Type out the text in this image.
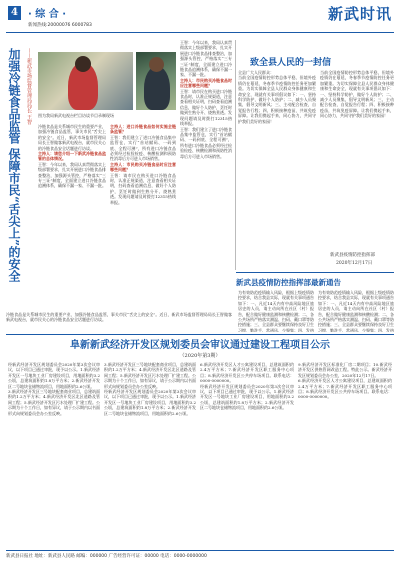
4	· 综 合 ·
新闻热线:20000076 6000783
新武时讯
加强冷链食品监管 保障市民“舌尖上”的安全	——新武市场监督管理局局长 王智 图为我局新武电视台栏目访谈节目录制现场

冷链食品是关系城市民生的重要产业，加强冷链食品监管，事关市民“舌尖上的安全”。近日，新武市场监督管理局局长王智做客新武电视台，就市民关心的冷链食品安全话题进行访谈。

主持人：请您介绍一下新武冷链食品监管的总体情况。

王智：今年以来，我局认真贯彻落实上级部署要求，扎实开展进口冷链食品排查整治，加强源头管控，严格落实“三专三证”制度，全面建立进口冷链食品追溯体系，确保不漏一家、不漏一批。

主持人：进口冷链食品如何实施全链条监管？

王智：我们建立了进口冷链食品集中监管仓，实行“首站赋码、一码到底、全程可溯”，所有进口冷链食品必须经过检验检疫、核酸检测和预防性消毒后方可进入市场销售。

主持人：市民购买冷链食品时应注意哪些问题？

王智：请市民在购买进口冷链食品时，认准正规渠道，注意查看相关证明，扫码查看追溯信息，做好个人防护，烹饪时做到生熟分开、烧熟煮透。发现问题请及时拨打12315热线举报。

王智：今年以来，我局认真贯彻落实上级部署要求，扎实开展进口冷链食品排查整治，加强源头管控，严格落实“三专三证”制度，全面建立进口冷链食品追溯体系，确保不漏一家、不漏一批。

主持人：市民购买冷链食品时应注意哪些问题？

王智：请市民在购买进口冷链食品时，认准正规渠道，注意查看相关证明，扫码查看追溯信息，做好个人防护，烹饪时做到生熟分开、烧熟煮透。发现问题请及时拨打12315热线举报。

王智：我们建立了进口冷链食品集中监管仓，实行“首站赋码、一码到底、全程可溯”，所有进口冷链食品必须经过检验检疫、核酸检测和预防性消毒后方可进入市场销售。

冷链食品是关系城市民生的重要产业，加强冷链食品监管，事关市民“舌尖上的安全”。近日，新武市场监督管理局局长王智做客新武电视台，就市民关心的冷链食品安全话题进行访谈。

致全县人民的一封信

全县广大人民群众：

当前全国疫情防控形势总体平稳，但境外疫情仍在蔓延，冬春季节疫情防控任务更加繁重。为切实保障全县人民群众身体健康和生命安全，现就有关事项倡议如下：一、坚持科学防护，做好个人防护；二、减少人员聚集，倡导文明新风；三、主动配合检查，自觉报告行程；四、积极接种疫苗，共筑免疫屏障。让我们携起手来，同心协力，共同守护我们美好的家园！

当前全国疫情防控形势总体平稳，但境外疫情仍在蔓延，冬春季节疫情防控任务更加繁重。为切实保障全县人民群众身体健康和生命安全，现就有关事项倡议如下：一、坚持科学防护，做好个人防护；二、减少人员聚集，倡导文明新风；三、主动配合检查，自觉报告行程；四、积极接种疫苗，共筑免疫屏障。让我们携起手来，同心协力，共同守护我们美好的家园！

新武县疫情防控指挥部
2020年12月17日
新武县疫情防控指挥部最新通告

为有效防范疫情输入风险，根据上级疫情防控要求，结合我县实际，现就有关事项通告如下：一、凡近14天内有中高风险地区旅居史的人员，请主动向所在社区（村）报告，配合做好健康监测和核酸检测；二、各公共场所严格落实测温、扫码、戴口罩等防控措施；三、全县群众要继续保持良好卫生习惯，勤洗手、常通风、少聚集；四、发热

为有效防范疫情输入风险，根据上级疫情防控要求，结合我县实际，现就有关事项通告如下：一、凡近14天内有中高风险地区旅居史的人员，请主动向所在社区（村）报告，配合做好健康监测和核酸检测；二、各公共场所严格落实测温、扫码、戴口罩等防控措施；三、全县群众要继续保持良好卫生习惯，勤洗手、常通风、少聚集；四、发热

阜新新武经济开发区规划委员会审议通过建设工程项目公示
（2020年第3期）

经新武经济开发区规划委员会2020年第3次会议审议，以下项目已通过审批，现予以公示。1.新武经济开发区一号地块工业厂房建设项目，用地面积约3.2公顷，总建筑面积约1.8万平方米；2.新武经济开发区二号地块仓储物流项目，用地面积约2.6公顷。

3.新武经济开发区三号地块配套商业项目，总建筑面积约1.2万平方米；4.新武经济开发区北区道路及管网工程；5.新武经济开发区污水处理厂扩建工程。公示期为十个工作日，如有异议，请于公示期内以书面形式向规划委员会办公室反映。

3.新武经济开发区三号地块配套商业项目，总建筑面积约1.2万平方米；4.新武经济开发区北区道路及管网工程；5.新武经济开发区污水处理厂扩建工程。公示期为十个工作日，如有异议，请于公示期内以书面形式向规划委员会办公室反映。

经新武经济开发区规划委员会2020年第3次会议审议，以下项目已通过审批，现予以公示。1.新武经济开发区一号地块工业厂房建设项目，用地面积约3.2公顷，总建筑面积约1.8万平方米；2.新武经济开发区二号地块仓储物流项目，用地面积约2.6公顷。

6.新武经济开发区人才公寓建设项目，总建筑面积约2.4万平方米；7.新武经济开发区职工服务中心项目；8.新武经济开发区公共停车场项目。联系电话：0000-0000000。

经新武经济开发区规划委员会2020年第3次会议审议，以下项目已通过审批，现予以公示。1.新武经济开发区一号地块工业厂房建设项目，用地面积约3.2公顷，总建筑面积约1.8万平方米；2.新武经济开发区二号地块仓储物流项目，用地面积约2.6公顷。

9.新武经济开发区标准化厂房二期项目；10.新武经济开发区供热管网改造工程。特此公示。新武经济开发区规划委员会办公室，2020年12月17日。

6.新武经济开发区人才公寓建设项目，总建筑面积约2.4万平方米；7.新武经济开发区职工服务中心项目；8.新武经济开发区公共停车场项目。联系电话：0000-0000000。

新武县日报社 地址：新武县人民路 邮编：000000 广告经营许可证：00000 电话：0000-0000000
